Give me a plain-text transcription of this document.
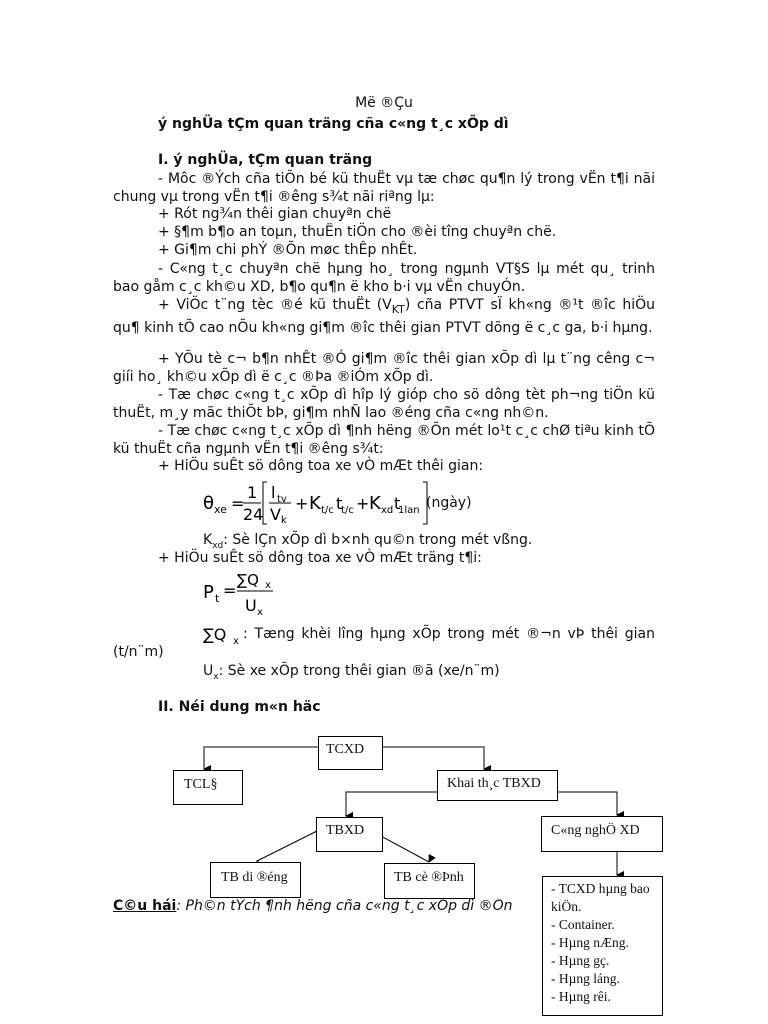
Më ®Çu
ý nghÜa tÇm quan träng cña c«ng t¸c xÕp dì
I. ý nghÜa, tÇm quan träng
- Môc ®Ých cña tiÕn bé kü thuËt vµ tæ chøc qu¶n lý trong vËn t¶i nãi chung vµ trong vËn t¶i ®êng s¾t nãi riªng lµ:
+ Rót ng¾n thêi gian chuyªn chë
+ §¶m b¶o an toµn, thuËn tiÖn cho ®èi tîng chuyªn chë.
+ Gi¶m chi phÝ ®Õn møc thÊp nhÊt.
- C«ng t¸c chuyªn chë hµng ho¸ trong ngµnh VT§S lµ mét qu¸ trinh bao gåm c¸c kh©u XD, b¶o qu¶n ë kho b·i vµ vËn chuyÓn.
+ ViÖc t¨ng tèc ®é kü thuËt $(V_{KT})$ cña PTVT sÏ kh«ng ®¹t ®îc hiÖu qu¶ kinh tÕ cao nÕu kh«ng gi¶m ®îc thêi gian PTVT dõng ë c¸c ga, b·i hµng.
+ YÕu tè c¬ b¶n nhÊt ®Ó gi¶m ®îc thêi gian xÕp dì lµ t¨ng cêng c¬ giíi ho¸ kh©u xÕp dì ë c¸c ®Þa ®iÓm xÕp dì.
- Tæ chøc c«ng t¸c xÕp dì hîp lý gióp cho sö dông tèt ph¬ng tiÖn kü thuËt, m¸y mãc thiÕt bÞ, gi¶m nhÑ lao ®éng cña c«ng nh©n.
- Tæ chøc c«ng t¸c xÕp dì ¶nh hëng ®Õn mét lo¹t c¸c chØ tiªu kinh tÕ kü thuËt cña ngµnh vËn t¶i ®êng s¾t:
+ HiÖu suÊt sö dông toa xe vÒ mÆt thêi gian:
θ xe =
1
24
l tv
V k
+ K t/c t
t/c + K xd t
1lan (ngày)
$K_{xd}$: Sè lÇn xÕp dì b×nh qu©n trong mét vßng.
+ HiÖu suÊt sö dông toa xe vÒ mÆt träng t¶i:
P t =
∑Q x
U x
∑Q x : Tæng khèi lîng hµng xÕp trong mét ®¬n vÞ thêi gian (t/n¨m)
$U_x$: Sè xe xÕp trong thêi gian ®ã (xe/n¨m)
II. Néi dung m«n häc
TCXD
TCL§	Khai th¸c TBXD
TBXD	C«ng nghÖ XD
TB di ®éng	TB cè ®Þnh
- TCXD hµng bao kiÖn.
- Container.
- Hµng nÆng.
- Hµng gç.
- Hµng láng.
- Hµng rêi.
C©u hái: Ph©n tÝch ¶nh hëng cña c«ng t¸c xÕp dì ®Õn
